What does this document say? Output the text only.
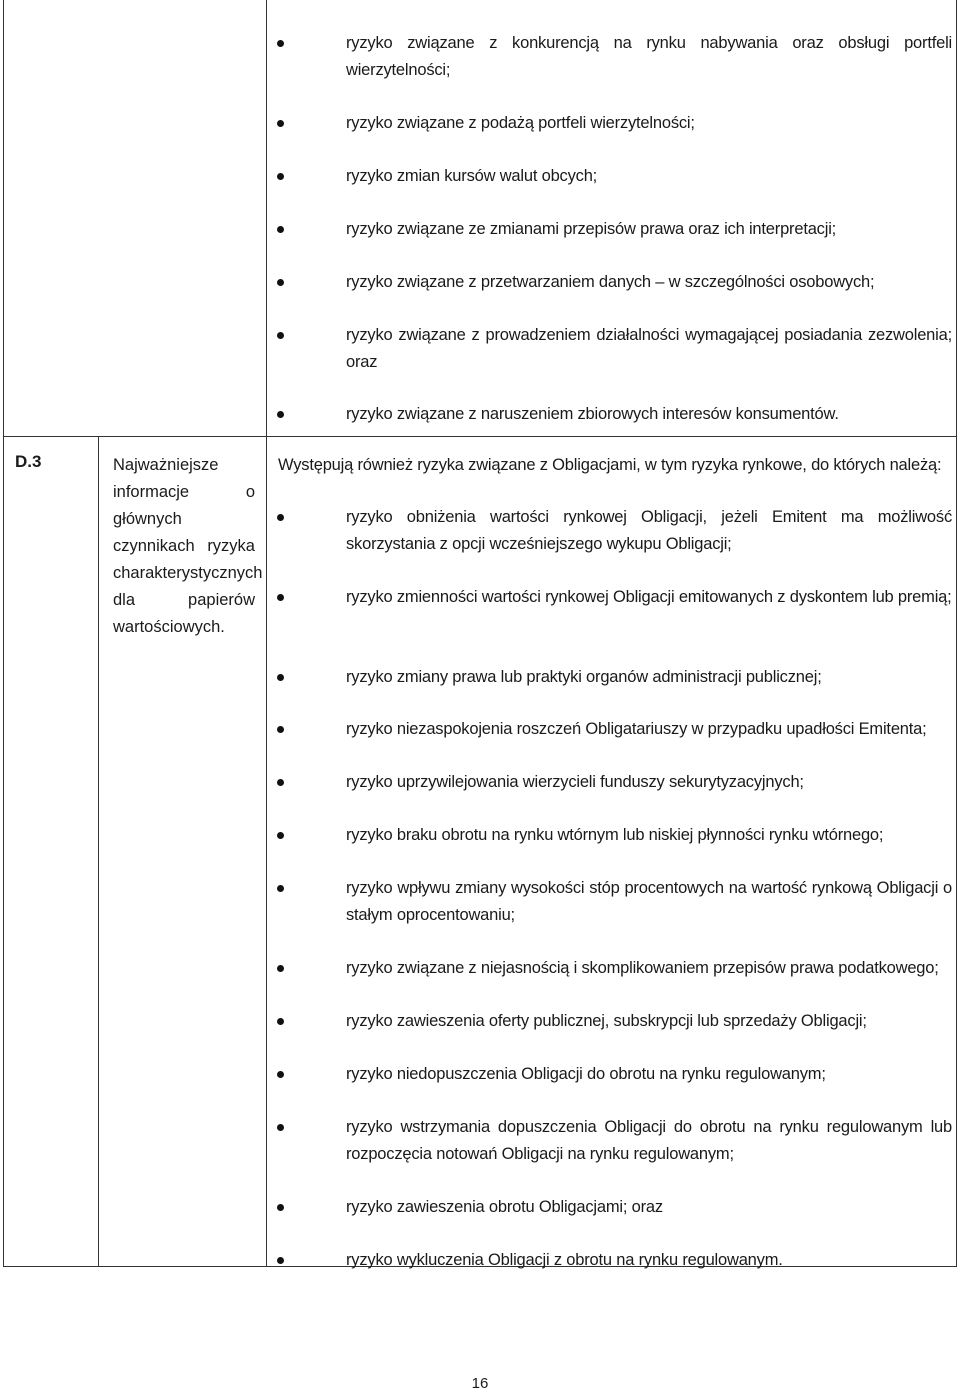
ryzyko związane z konkurencją na rynku nabywania oraz obsługi portfeli wierzytelności;
ryzyko związane z podażą portfeli wierzytelności;
ryzyko zmian kursów walut obcych;
ryzyko związane ze zmianami przepisów prawa oraz ich interpretacji;
ryzyko związane z przetwarzaniem danych – w szczególności osobowych;
ryzyko związane z prowadzeniem działalności wymagającej posiadania zezwolenia; oraz
ryzyko związane z naruszeniem zbiorowych interesów konsumentów.
D.3	Najważniejsze informacje o głównych czynnikach ryzyka charakterystycznych dla papierów wartościowych.
Występują również ryzyka związane z Obligacjami, w tym ryzyka rynkowe, do których należą:
ryzyko obniżenia wartości rynkowej Obligacji, jeżeli Emitent ma możliwość skorzystania z opcji wcześniejszego wykupu Obligacji;
ryzyko zmienności wartości rynkowej Obligacji emitowanych z dyskontem lub premią;
ryzyko zmiany prawa lub praktyki organów administracji publicznej;
ryzyko niezaspokojenia roszczeń Obligatariuszy w przypadku upadłości Emitenta;
ryzyko uprzywilejowania wierzycieli funduszy sekurytyzacyjnych;
ryzyko braku obrotu na rynku wtórnym lub niskiej płynności rynku wtórnego;
ryzyko wpływu zmiany wysokości stóp procentowych na wartość rynkową Obligacji o stałym oprocentowaniu;
ryzyko związane z niejasnością i skomplikowaniem przepisów prawa podatkowego;
ryzyko zawieszenia oferty publicznej, subskrypcji lub sprzedaży Obligacji;
ryzyko niedopuszczenia Obligacji do obrotu na rynku regulowanym;
ryzyko wstrzymania dopuszczenia Obligacji do obrotu na rynku regulowanym lub rozpoczęcia notowań Obligacji na rynku regulowanym;
ryzyko zawieszenia obrotu Obligacjami; oraz
ryzyko wykluczenia Obligacji z obrotu na rynku regulowanym.
16
